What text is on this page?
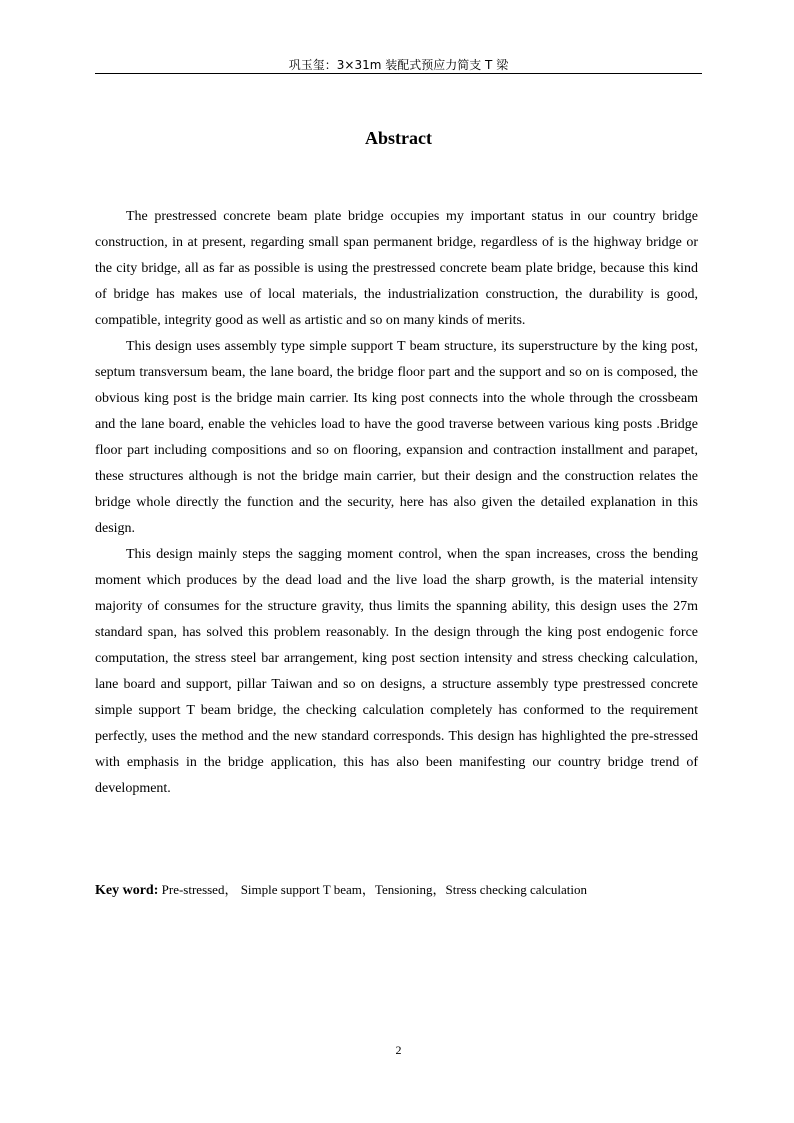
巩玉玺：3×31m 装配式预应力简支 T 梁
Abstract

The prestressed concrete beam plate bridge occupies my important status in our country bridge construction, in at present, regarding small span permanent bridge, regardless of is the highway bridge or the city bridge, all as far as possible is using the prestressed concrete beam plate bridge, because this kind of bridge has makes use of local materials, the industrialization construction, the durability is good, compatible, integrity good as well as artistic and so on many kinds of merits.

This design uses assembly type simple support T beam structure, its superstructure by the king post, septum transversum beam, the lane board, the bridge floor part and the support and so on is composed, the obvious king post is the bridge main carrier. Its king post connects into the whole through the crossbeam and the lane board, enable the vehicles load to have the good traverse between various king posts .Bridge floor part including compositions and so on flooring, expansion and contraction installment and parapet, these structures although is not the bridge main carrier, but their design and the construction relates the bridge whole directly the function and the security, here has also given the detailed explanation in this design.

This design mainly steps the sagging moment control, when the span increases, cross the bending moment which produces by the dead load and the live load the sharp growth, is the material intensity majority of consumes for the structure gravity, thus limits the spanning ability, this design uses the 27m standard span, has solved this problem reasonably. In the design through the king post endogenic force computation, the stress steel bar arrangement, king post section intensity and stress checking calculation, lane board and support, pillar Taiwan and so on designs, a structure assembly type prestressed concrete simple support T beam bridge, the checking calculation completely has conformed to the requirement perfectly, uses the method and the new standard corresponds. This design has highlighted the pre-stressed with emphasis in the bridge application, this has also been manifesting our country bridge trend of development.

Key word: Pre-stressed， Simple support T beam，Tensioning，Stress checking calculation
2
